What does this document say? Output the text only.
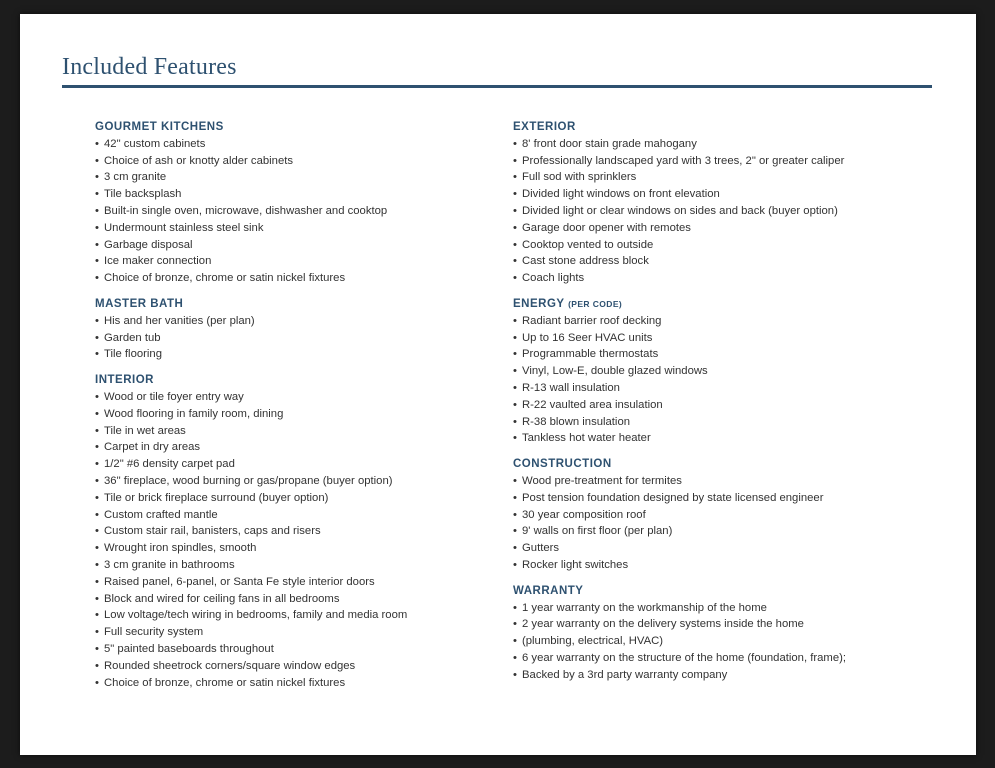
Included Features
GOURMET KITCHENS
• 42" custom cabinets
• Choice of ash or knotty alder cabinets
• 3 cm granite
• Tile backsplash
• Built-in single oven, microwave, dishwasher and cooktop
• Undermount stainless steel sink
• Garbage disposal
• Ice maker connection
• Choice of bronze, chrome or satin nickel fixtures
MASTER BATH
• His and her vanities (per plan)
• Garden tub
• Tile flooring
INTERIOR
• Wood or tile foyer entry way
• Wood flooring in family room, dining
• Tile in wet areas
• Carpet in dry areas
• 1/2" #6 density carpet pad
• 36" fireplace, wood burning or gas/propane (buyer option)
• Tile or brick fireplace surround (buyer option)
• Custom crafted mantle
• Custom stair rail, banisters, caps and risers
• Wrought iron spindles, smooth
• 3 cm granite in bathrooms
• Raised panel, 6-panel, or Santa Fe style interior doors
• Block and wired for ceiling fans in all bedrooms
• Low voltage/tech wiring in bedrooms, family and media room
• Full security system
• 5" painted baseboards throughout
• Rounded sheetrock corners/square window edges
• Choice of bronze, chrome or satin nickel fixtures
EXTERIOR
• 8' front door stain grade mahogany
• Professionally landscaped yard with 3 trees, 2" or greater caliper
• Full sod with sprinklers
• Divided light windows on front elevation
• Divided light or clear windows on sides and back (buyer option)
• Garage door opener with remotes
• Cooktop vented to outside
• Cast stone address block
• Coach lights
ENERGY (PER CODE)
• Radiant barrier roof decking
• Up to 16 Seer HVAC units
• Programmable thermostats
• Vinyl, Low-E, double glazed windows
• R-13 wall insulation
• R-22 vaulted area insulation
• R-38 blown insulation
• Tankless hot water heater
CONSTRUCTION
• Wood pre-treatment for termites
• Post tension foundation designed by state licensed engineer
• 30 year composition roof
• 9' walls on first floor (per plan)
• Gutters
• Rocker light switches
WARRANTY
• 1 year warranty on the workmanship of the home
• 2 year warranty on the delivery systems inside the home
• (plumbing, electrical, HVAC)
• 6 year warranty on the structure of the home (foundation, frame);
• Backed by a 3rd party warranty company
